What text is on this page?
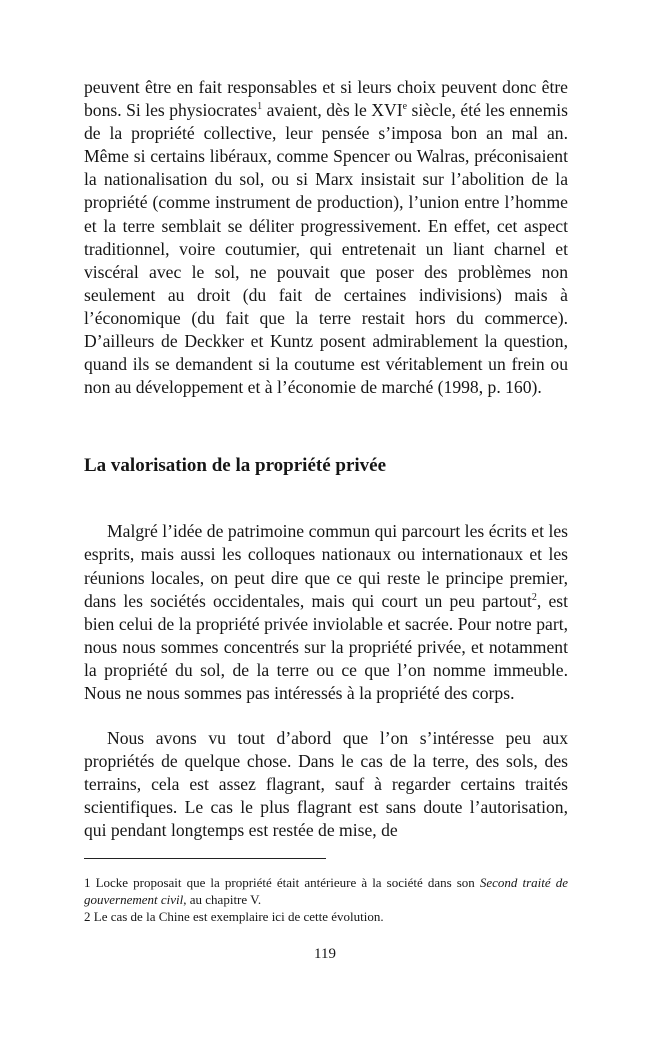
peuvent être en fait responsables et si leurs choix peuvent donc être bons. Si les physiocrates$^1$ avaient, dès le XVIe siècle, été les ennemis de la propriété collective, leur pensée s’imposa bon an mal an. Même si certains libéraux, comme Spencer ou Walras, préconisaient la nationalisation du sol, ou si Marx insistait sur l’abolition de la propriété (comme instrument de production), l’union entre l’homme et la terre semblait se déliter progressivement. En effet, cet aspect traditionnel, voire coutumier, qui entretenait un liant charnel et viscéral avec le sol, ne pouvait que poser des problèmes non seulement au droit (du fait de certaines indivisions) mais à l’économique (du fait que la terre restait hors du commerce). D’ailleurs de Deckker et Kuntz posent admirablement la question, quand ils se demandent si la coutume est véritablement un frein ou non au développement et à l’économie de marché (1998, p. 160).

La valorisation de la propriété privée

Malgré l’idée de patrimoine commun qui parcourt les écrits et les esprits, mais aussi les colloques nationaux ou internationaux et les réunions locales, on peut dire que ce qui reste le principe premier, dans les sociétés occidentales, mais qui court un peu partout$^2$, est bien celui de la propriété privée inviolable et sacrée. Pour notre part, nous nous sommes concentrés sur la propriété privée, et notamment la propriété du sol, de la terre ou ce que l’on nomme immeuble. Nous ne nous sommes pas intéressés à la propriété des corps.

Nous avons vu tout d’abord que l’on s’intéresse peu aux propriétés de quelque chose. Dans le cas de la terre, des sols, des terrains, cela est assez flagrant, sauf à regarder certains traités scientifiques. Le cas le plus flagrant est sans doute l’autorisation, qui pendant longtemps est restée de mise, de

1 Locke proposait que la propriété était antérieure à la société dans son Second traité de gouvernement civil, au chapitre V.

2 Le cas de la Chine est exemplaire ici de cette évolution.

119
